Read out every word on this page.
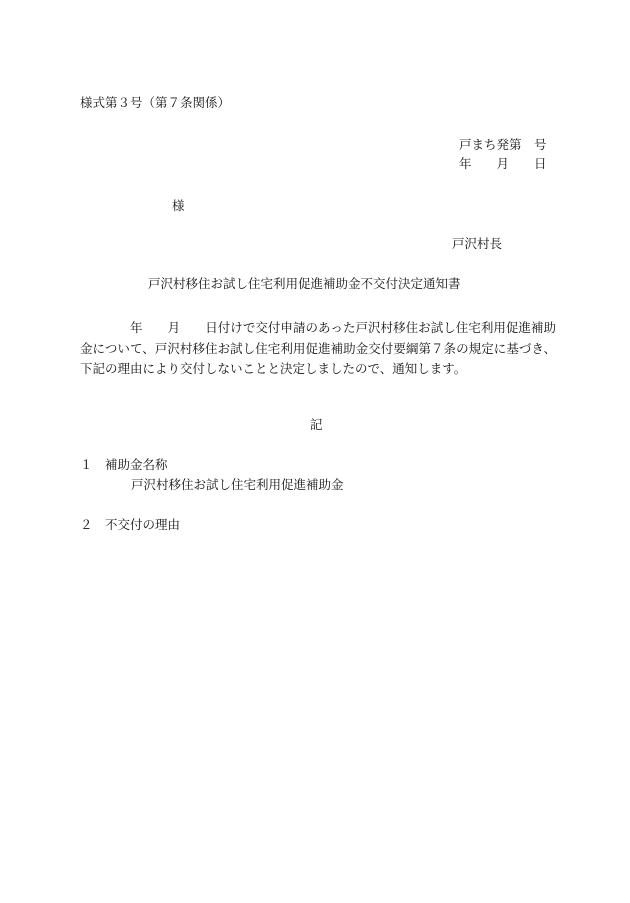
様式第３号（第７条関係）
戸まち発第　号
年　　月　　日
様
戸沢村長
戸沢村移住お試し住宅利用促進補助金不交付決定通知書
年　　月　　日付けで交付申請のあった戸沢村移住お試し住宅利用促進補助金について、戸沢村移住お試し住宅利用促進補助金交付要綱第７条の規定に基づき、下記の理由により交付しないことと決定しましたので、通知します。
記
１ 補助金名称
戸沢村移住お試し住宅利用促進補助金
２ 不交付の理由
